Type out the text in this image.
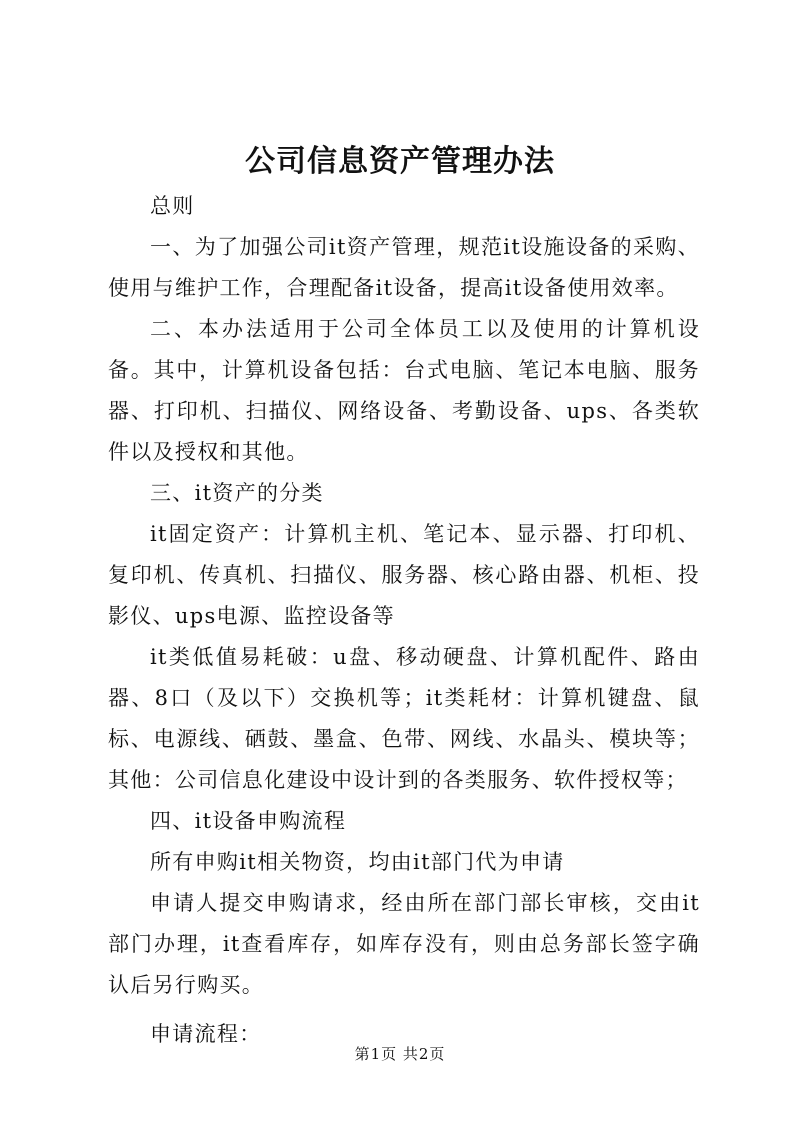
公司信息资产管理办法

总则

一、为了加强公司it资产管理，规范it设施设备的采购、使用与维护工作，合理配备it设备，提高it设备使用效率。

二、本办法适用于公司全体员工以及使用的计算机设备。其中，计算机设备包括：台式电脑、笔记本电脑、服务器、打印机、扫描仪、网络设备、考勤设备、ups、各类软件以及授权和其他。

三、it资产的分类

it固定资产：计算机主机、笔记本、显示器、打印机、复印机、传真机、扫描仪、服务器、核心路由器、机柜、投影仪、ups电源、监控设备等

it类低值易耗破：u盘、移动硬盘、计算机配件、路由器、8口（及以下）交换机等；it类耗材：计算机键盘、鼠标、电源线、硒鼓、墨盒、色带、网线、水晶头、模块等；其他：公司信息化建设中设计到的各类服务、软件授权等；

四、it设备申购流程

所有申购it相关物资，均由it部门代为申请

申请人提交申购请求，经由所在部门部长审核，交由it部门办理，it查看库存，如库存没有，则由总务部长签字确认后另行购买。

申请流程：

第1页 共2页
